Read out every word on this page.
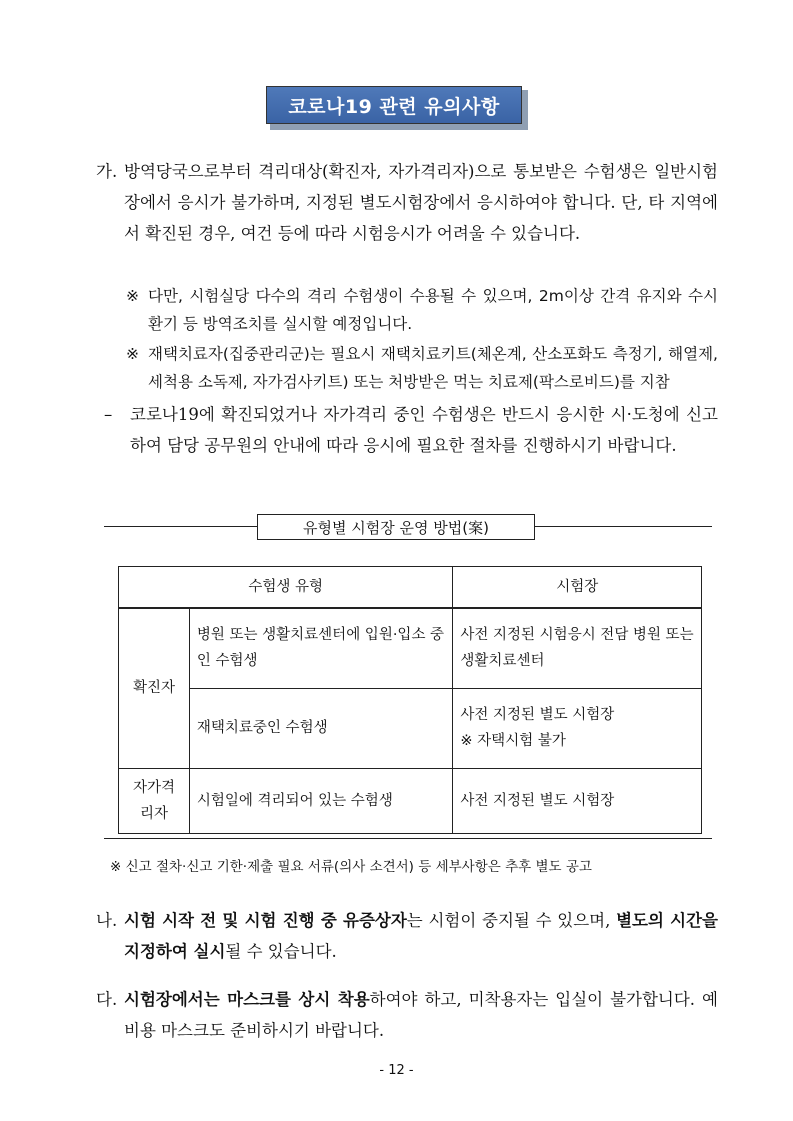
코로나19 관련 유의사항
가. 방역당국으로부터 격리대상(확진자, 자가격리자)으로 통보받은 수험생은 일반시험장에서 응시가 불가하며, 지정된 별도시험장에서 응시하여야 합니다. 단, 타 지역에서 확진된 경우, 여건 등에 따라 시험응시가 어려울 수 있습니다.
※ 다만, 시험실당 다수의 격리 수험생이 수용될 수 있으며, 2m이상 간격 유지와 수시 환기 등 방역조치를 실시할 예정입니다.
※ 재택치료자(집중관리군)는 필요시 재택치료키트(체온계, 산소포화도 측정기, 해열제, 세척용 소독제, 자가검사키트) 또는 처방받은 먹는 치료제(팍스로비드)를 지참
– 코로나19에 확진되었거나 자가격리 중인 수험생은 반드시 응시한 시·도청에 신고하여 담당 공무원의 안내에 따라 응시에 필요한 절차를 진행하시기 바랍니다.
유형별 시험장 운영 방법(案)
수험생 유형		시험장
확진자	병원 또는 생활치료센터에 입원·입소 중인 수험생	사전 지정된 시험응시 전담 병원 또는 생활치료센터
	재택치료중인 수험생	사전 지정된 별도 시험장
※ 자택시험 불가

자가격리자	시험일에 격리되어 있는 수험생	사전 지정된 별도 시험장
※ 신고 절차·신고 기한·제출 필요 서류(의사 소견서) 등 세부사항은 추후 별도 공고
나. 시험 시작 전 및 시험 진행 중 유증상자는 시험이 중지될 수 있으며, 별도의 시간을 지정하여 실시될 수 있습니다.
다. 시험장에서는 마스크를 상시 착용하여야 하고, 미착용자는 입실이 불가합니다. 예비용 마스크도 준비하시기 바랍니다.
- 12 -
